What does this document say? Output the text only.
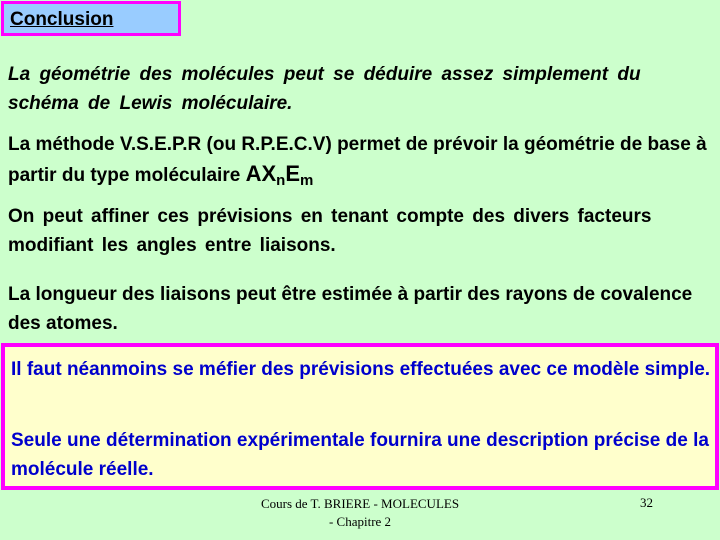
Conclusion

La géométrie des molécules peut se déduire assez simplement du schéma de Lewis moléculaire.

La méthode V.S.E.P.R (ou R.P.E.C.V) permet de prévoir la géométrie de base à partir du type moléculaire $AX_nE_m$

On peut affiner ces prévisions en tenant compte des divers facteurs modifiant les angles entre liaisons.

La longueur des liaisons peut être estimée à partir des rayons de covalence des atomes.

Il faut néanmoins se méfier des prévisions effectuées avec ce modèle simple.

Seule une détermination expérimentale fournira une description précise de la molécule réelle.

Cours de T. BRIERE - MOLECULES
- Chapitre 2
32
